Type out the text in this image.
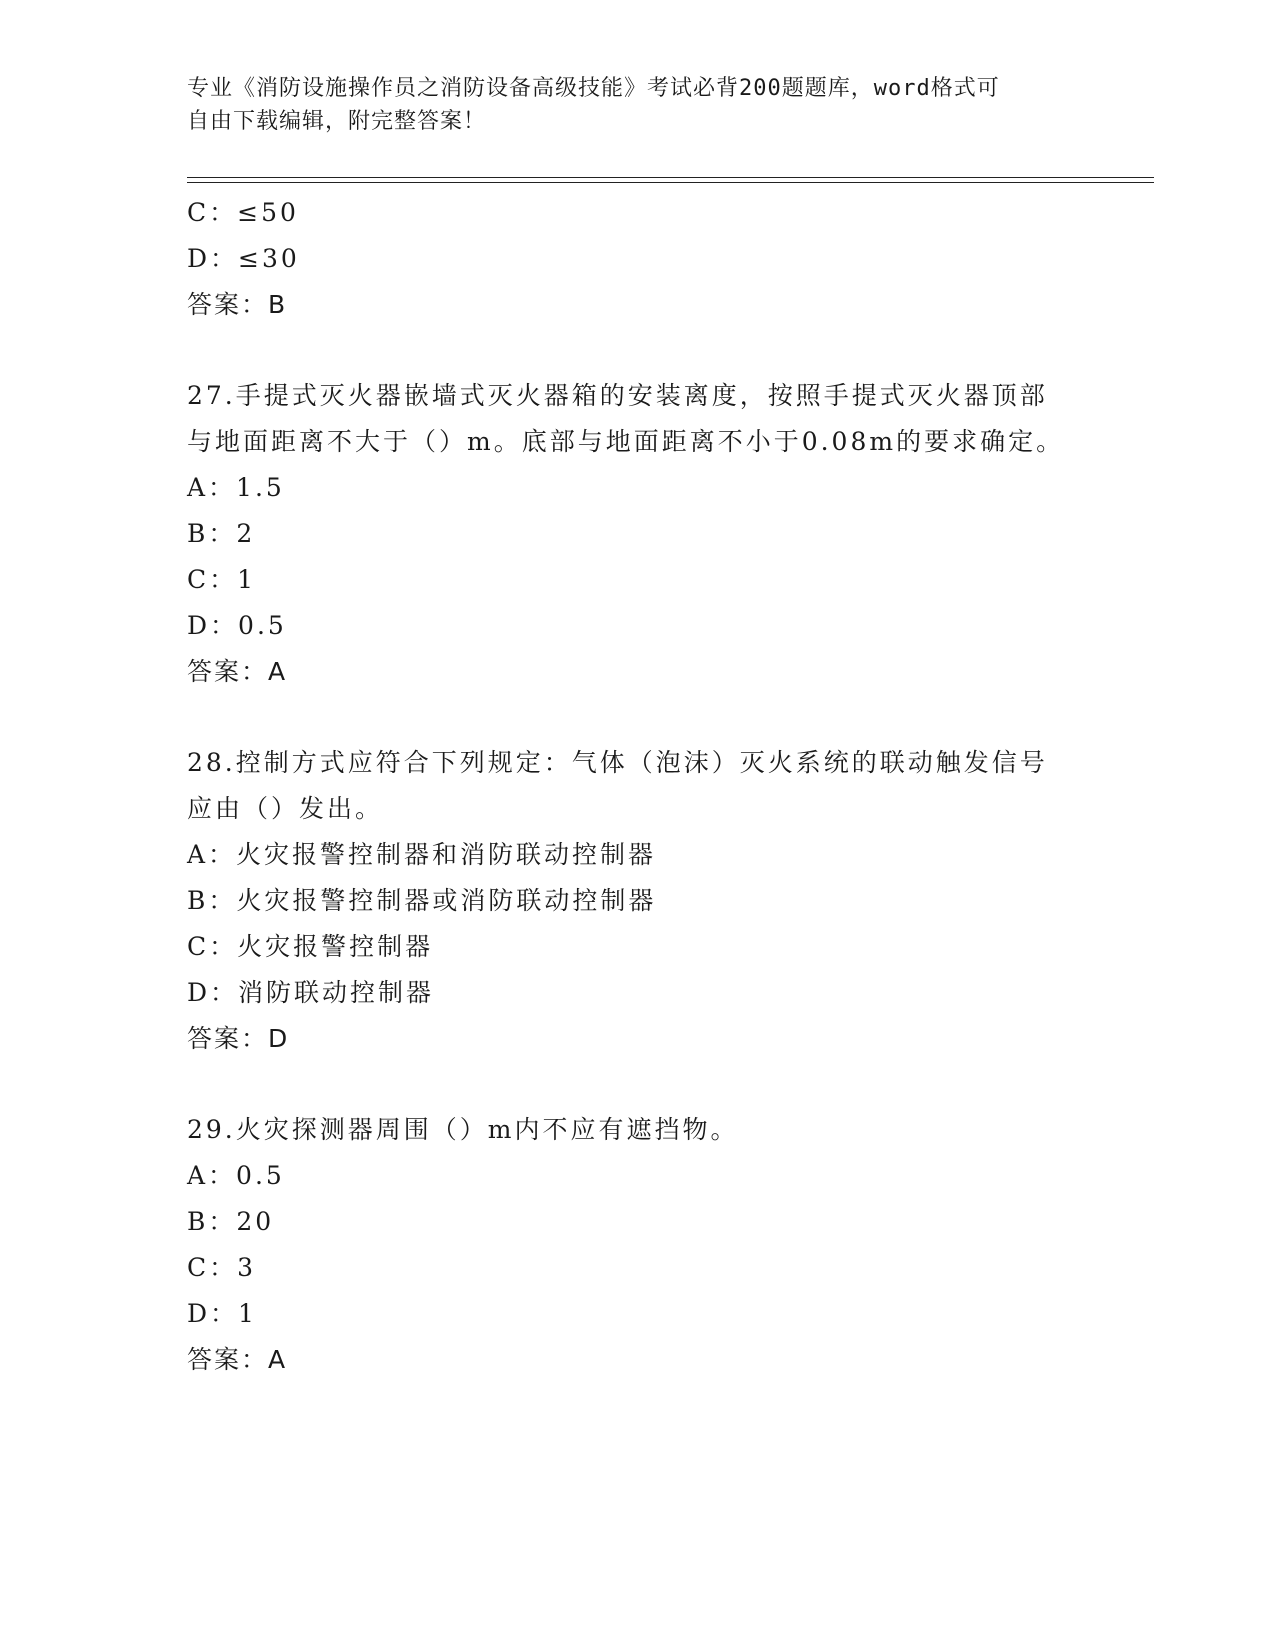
专业《消防设施操作员之消防设备高级技能》考试必背200题题库，word格式可
自由下载编辑，附完整答案！
C：≤50
D：≤30
答案：B
27.手提式灭火器嵌墙式灭火器箱的安装离度，按照手提式灭火器顶部
与地面距离不大于（）m。底部与地面距离不小于0.08m的要求确定。
A：1.5
B：2
C：1
D：0.5
答案：A
28.控制方式应符合下列规定：气体（泡沫）灭火系统的联动触发信号
应由（）发出。
A：火灾报警控制器和消防联动控制器
B：火灾报警控制器或消防联动控制器
C：火灾报警控制器
D：消防联动控制器
答案：D
29.火灾探测器周围（）m内不应有遮挡物。
A：0.5
B：20
C：3
D：1
答案：A
